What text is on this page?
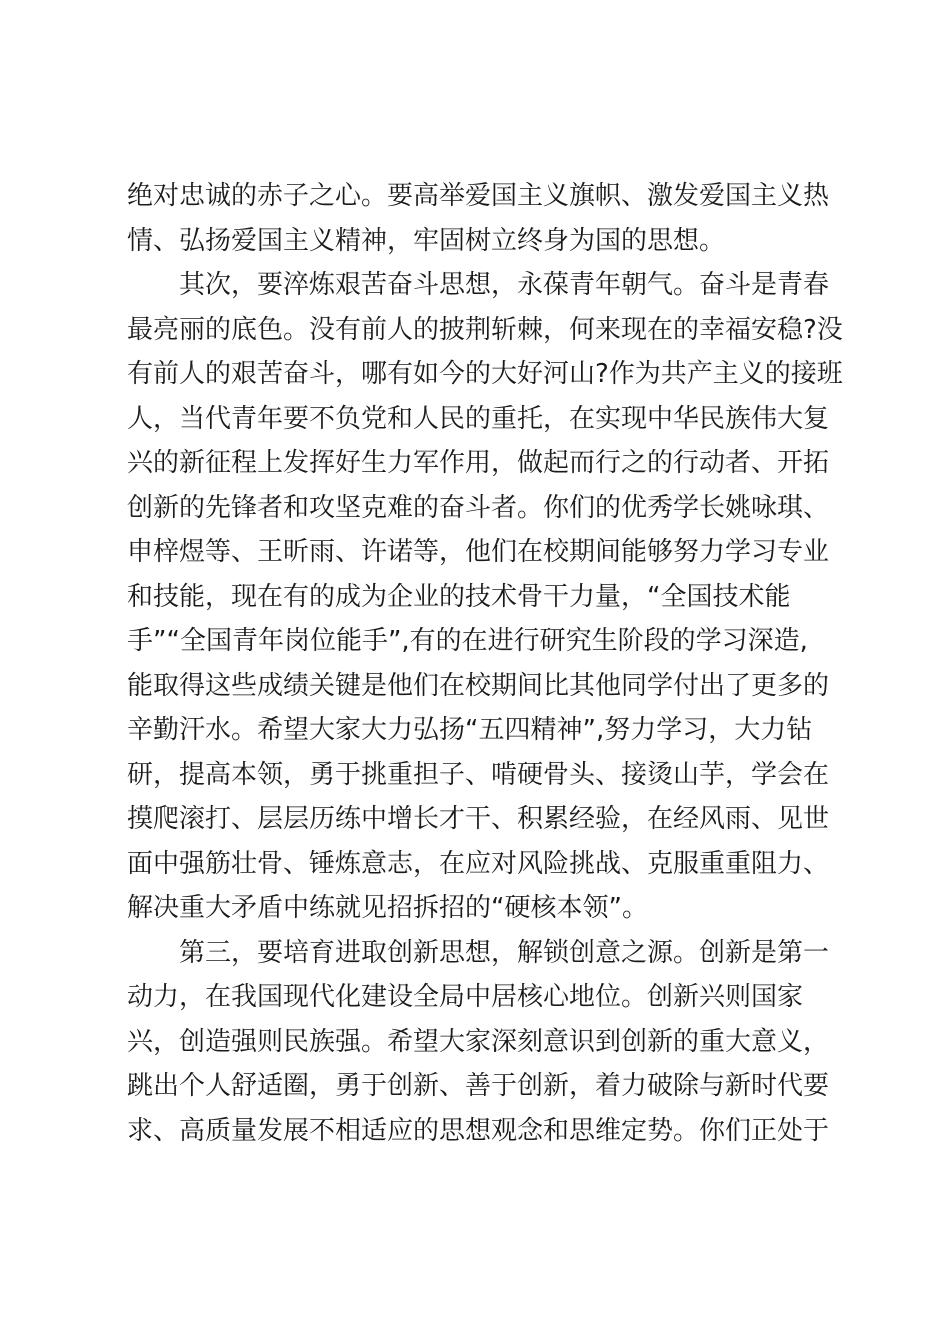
绝对忠诚的赤子之心。要高举爱国主义旗帜、激发爱国主义热
情、弘扬爱国主义精神，牢固树立终身为国的思想。
　　其次，要淬炼艰苦奋斗思想，永葆青年朝气。奋斗是青春
最亮丽的底色。没有前人的披荆斩棘，何来现在的幸福安稳?没
有前人的艰苦奋斗，哪有如今的大好河山?作为共产主义的接班
人，当代青年要不负党和人民的重托，在实现中华民族伟大复
兴的新征程上发挥好生力军作用，做起而行之的行动者、开拓
创新的先锋者和攻坚克难的奋斗者。你们的优秀学长姚咏琪、
申梓煜等、王昕雨、许诺等，他们在校期间能够努力学习专业
和技能，现在有的成为企业的技术骨干力量，“全国技术能
手”“全国青年岗位能手”,有的在进行研究生阶段的学习深造,
能取得这些成绩关键是他们在校期间比其他同学付出了更多的
辛勤汗水。希望大家大力弘扬“五四精神”,努力学习，大力钻
研，提高本领，勇于挑重担子、啃硬骨头、接烫山芋，学会在
摸爬滚打、层层历练中增长才干、积累经验，在经风雨、见世
面中强筋壮骨、锤炼意志，在应对风险挑战、克服重重阻力、
解决重大矛盾中练就见招拆招的“硬核本领”。
　　第三，要培育进取创新思想，解锁创意之源。创新是第一
动力，在我国现代化建设全局中居核心地位。创新兴则国家
兴，创造强则民族强。希望大家深刻意识到创新的重大意义，
跳出个人舒适圈，勇于创新、善于创新，着力破除与新时代要
求、高质量发展不相适应的思想观念和思维定势。你们正处于
